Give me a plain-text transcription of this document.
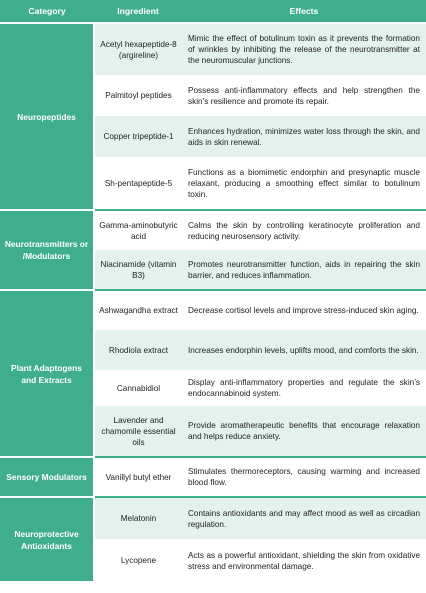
Category	Ingredient	Effects
Neuropeptides	Acetyl hexapeptide-8 (argireline)	Mimic the effect of botulinum toxin as it prevents the formation of wrinkles by inhibiting the release of the neurotransmitter at the neuromuscular junctions.
	Palmitoyl peptides	Possess anti-inflammatory effects and help strengthen the skin’s resilience and promote its repair.
	Copper tripeptide-1	Enhances hydration, minimizes water loss through the skin, and aids in skin renewal.
	Sh-pentapeptide-5	Functions as a biomimetic endorphin and presynaptic muscle relaxant, producing a smoothing effect similar to botulinum toxin.
Neurotransmitters or /Modulators	Gamma-aminobutyric acid	Calms the skin by controlling keratinocyte proliferation and reducing neurosensory activity.
	Niacinamide (vitamin B3)	Promotes neurotransmitter function, aids in repairing the skin barrier, and reduces inflammation.
Plant Adaptogens and Extracts	Ashwagandha extract	Decrease cortisol levels and improve stress-induced skin aging.
	Rhodiola extract	Increases endorphin levels, uplifts mood, and comforts the skin.
	Cannabidiol	Display anti-inflammatory properties and regulate the skin’s endocannabinoid system.
	Lavender and chamomile essential oils	Provide aromatherapeutic benefits that encourage relaxation and helps reduce anxiety.
Sensory Modulators	Vanillyl butyl ether	Stimulates thermoreceptors, causing warming and increased blood flow.
Neuroprotective Antioxidants	Melatonin	Contains antioxidants and may affect mood as well as circadian regulation.
	Lycopene	Acts as a powerful antioxidant, shielding the skin from oxidative stress and environmental damage.
